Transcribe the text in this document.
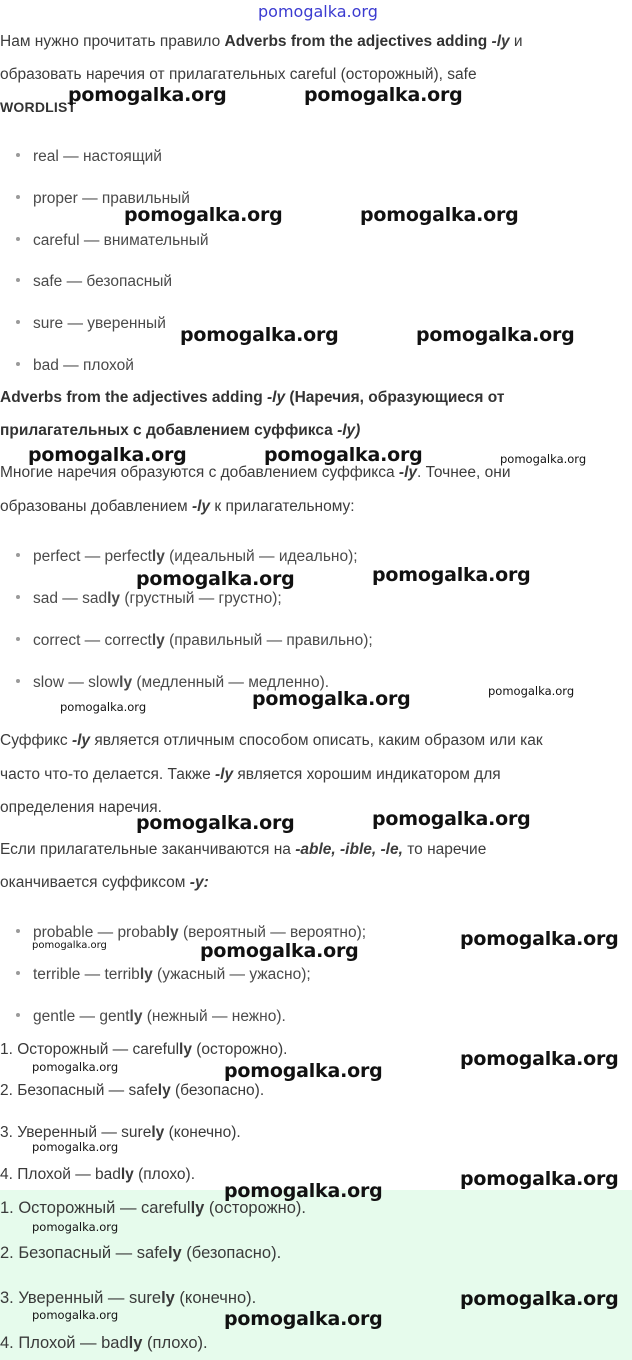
pomogalka.org

Нам нужно прочитать правило Adverbs from the adjectives adding -ly и

образовать наречия от прилагательных careful (осторожный), safe

WORDLIST
real — настоящий
proper — правильный
careful — внимательный
safe — безопасный
sure — уверенный
bad — плохой

Adverbs from the adjectives adding -ly (Наречия, образующиеся от

прилагательных с добавлением суффикса -ly)

Многие наречия образуются с добавлением суффикса -ly. Точнее, они

образованы добавлением -ly к прилагательному:

perfect — perfectly (идеальный — идеально);
sad — sadly (грустный — грустно);
correct — correctly (правильный — правильно);
slow — slowly (медленный — медленно).

Суффикс -ly является отличным способом описать, каким образом или как

часто что-то делается. Также -ly является хорошим индикатором для

определения наречия.

Если прилагательные заканчиваются на -able, -ible, -le, то наречие

оканчивается суффиксом -y:

probable — probably (вероятный — вероятно);
terrible — terribly (ужасный — ужасно);
gentle — gently (нежный — нежно).
1. Осторожный — carefully (осторожно).
2. Безопасный — safely (безопасно).
3. Уверенный — surely (конечно).
4. Плохой — badly (плохо).
1. Осторожный — carefully (осторожно).
2. Безопасный — safely (безопасно).
3. Уверенный — surely (конечно).
4. Плохой — badly (плохо).
pomogalka.org	pomogalka.org
pomogalka.org	pomogalka.org
pomogalka.org	pomogalka.org
pomogalka.org	pomogalka.org
pomogalka.org	pomogalka.org
pomogalka.org
pomogalka.org	pomogalka.org
pomogalka.org
pomogalka.org
pomogalka.org
pomogalka.org
pomogalka.org
pomogalka.org
pomogalka.org
pomogalka.org
pomogalka.org
pomogalka.org
pomogalka.org
pomogalka.org
pomogalka.org
pomogalka.org
pomogalka.org
pomogalka.org
